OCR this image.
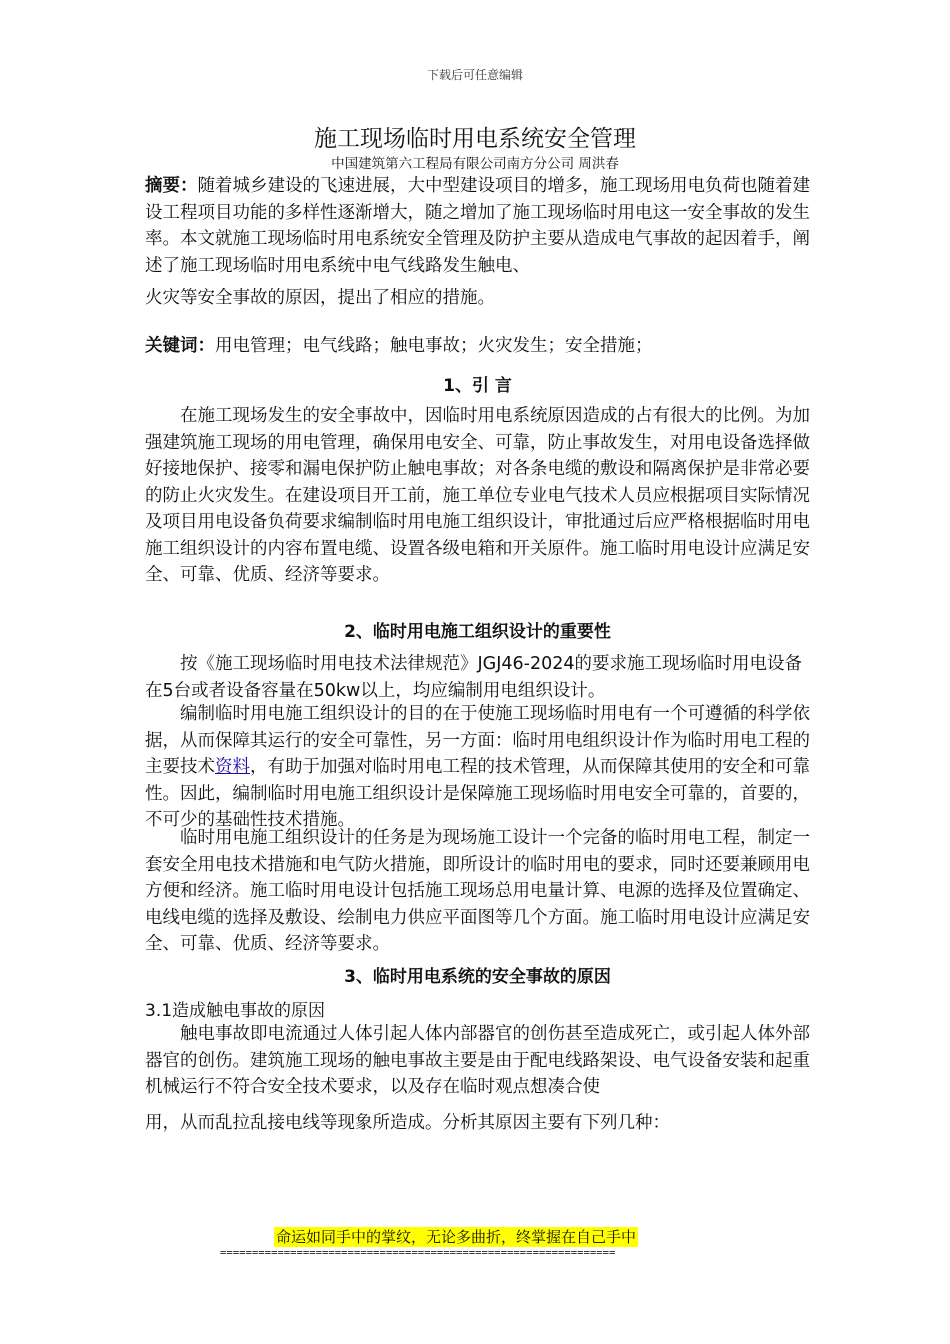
下载后可任意编辑
施工现场临时用电系统安全管理
中国建筑第六工程局有限公司南方分公司 周洪春
摘要：随着城乡建设的飞速进展，大中型建设项目的增多，施工现场用电负荷也随着建设工程项目功能的多样性逐渐增大，随之增加了施工现场临时用电这一安全事故的发生率。本文就施工现场临时用电系统安全管理及防护主要从造成电气事故的起因着手，阐述了施工现场临时用电系统中电气线路发生触电、
火灾等安全事故的原因，提出了相应的措施。
关键词：用电管理；电气线路；触电事故；火灾发生；安全措施；
1、引 言
在施工现场发生的安全事故中，因临时用电系统原因造成的占有很大的比例。为加强建筑施工现场的用电管理，确保用电安全、可靠，防止事故发生，对用电设备选择做好接地保护、接零和漏电保护防止触电事故；对各条电缆的敷设和隔离保护是非常必要的防止火灾发生。在建设项目开工前，施工单位专业电气技术人员应根据项目实际情况及项目用电设备负荷要求编制临时用电施工组织设计，审批通过后应严格根据临时用电施工组织设计的内容布置电缆、设置各级电箱和开关原件。施工临时用电设计应满足安全、可靠、优质、经济等要求。
2、临时用电施工组织设计的重要性
按《施工现场临时用电技术法律规范》JGJ46-2024的要求施工现场临时用电设备在5台或者设备容量在50kw以上，均应编制用电组织设计。
编制临时用电施工组织设计的目的在于使施工现场临时用电有一个可遵循的科学依据，从而保障其运行的安全可靠性，另一方面：临时用电组织设计作为临时用电工程的主要技术资料，有助于加强对临时用电工程的技术管理，从而保障其使用的安全和可靠性。因此，编制临时用电施工组织设计是保障施工现场临时用电安全可靠的，首要的，不可少的基础性技术措施。
临时用电施工组织设计的任务是为现场施工设计一个完备的临时用电工程，制定一套安全用电技术措施和电气防火措施，即所设计的临时用电的要求，同时还要兼顾用电方便和经济。施工临时用电设计包括施工现场总用电量计算、电源的选择及位置确定、电线电缆的选择及敷设、绘制电力供应平面图等几个方面。施工临时用电设计应满足安全、可靠、优质、经济等要求。
3、临时用电系统的安全事故的原因
3.1造成触电事故的原因
触电事故即电流通过人体引起人体内部器官的创伤甚至造成死亡，或引起人体外部器官的创伤。建筑施工现场的触电事故主要是由于配电线路架设、电气设备安装和起重机械运行不符合安全技术要求，以及存在临时观点想凑合使
用，从而乱拉乱接电线等现象所造成。分析其原因主要有下列几种：
命运如同手中的掌纹，无论多曲折，终掌握在自己手中
==============================================================
